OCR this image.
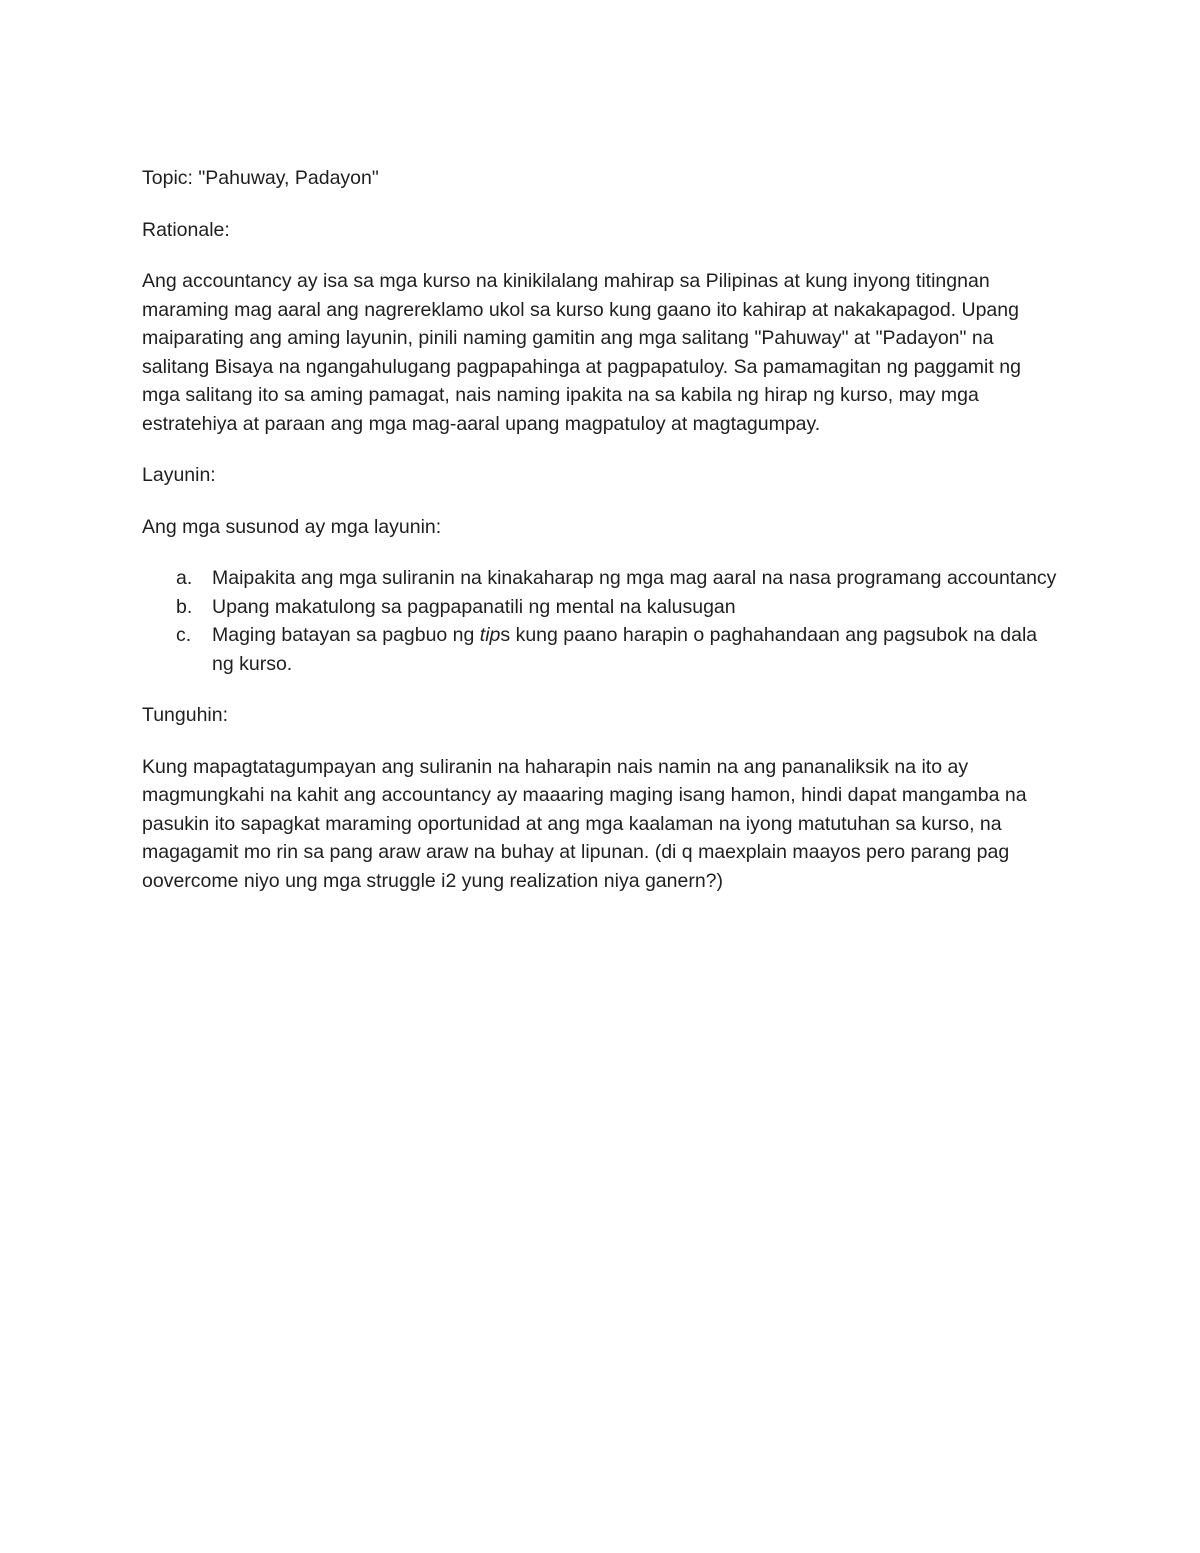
Topic: "Pahuway, Padayon"

Rationale:

Ang accountancy ay isa sa mga kurso na kinikilalang mahirap sa Pilipinas at kung inyong titingnan maraming mag aaral ang nagrereklamo ukol sa kurso kung gaano ito kahirap at nakakapagod. Upang maiparating ang aming layunin, pinili naming gamitin ang mga salitang "Pahuway" at "Padayon" na salitang Bisaya na ngangahulugang pagpapahinga at pagpapatuloy. Sa pamamagitan ng paggamit ng mga salitang ito sa aming pamagat, nais naming ipakita na sa kabila ng hirap ng kurso, may mga estratehiya at paraan ang mga mag-aaral upang magpatuloy at magtagumpay.

Layunin:

Ang mga susunod ay mga layunin:

a.	Maipakita ang mga suliranin na kinakaharap ng mga mag aaral na nasa programang accountancy
b.	Upang makatulong sa pagpapanatili ng mental na kalusugan
c.	Maging batayan sa pagbuo ng tips kung paano harapin o paghahandaan ang pagsubok na dala ng kurso.

Tunguhin:

Kung mapagtatagumpayan ang suliranin na haharapin nais namin na ang pananaliksik na ito ay magmungkahi na kahit ang accountancy ay maaaring maging isang hamon, hindi dapat mangamba na pasukin ito sapagkat maraming oportunidad at ang mga kaalaman na iyong matutuhan sa kurso, na magagamit mo rin sa pang araw araw na buhay at lipunan. (di q maexplain maayos pero parang pag oovercome niyo ung mga struggle i2 yung realization niya ganern?)
